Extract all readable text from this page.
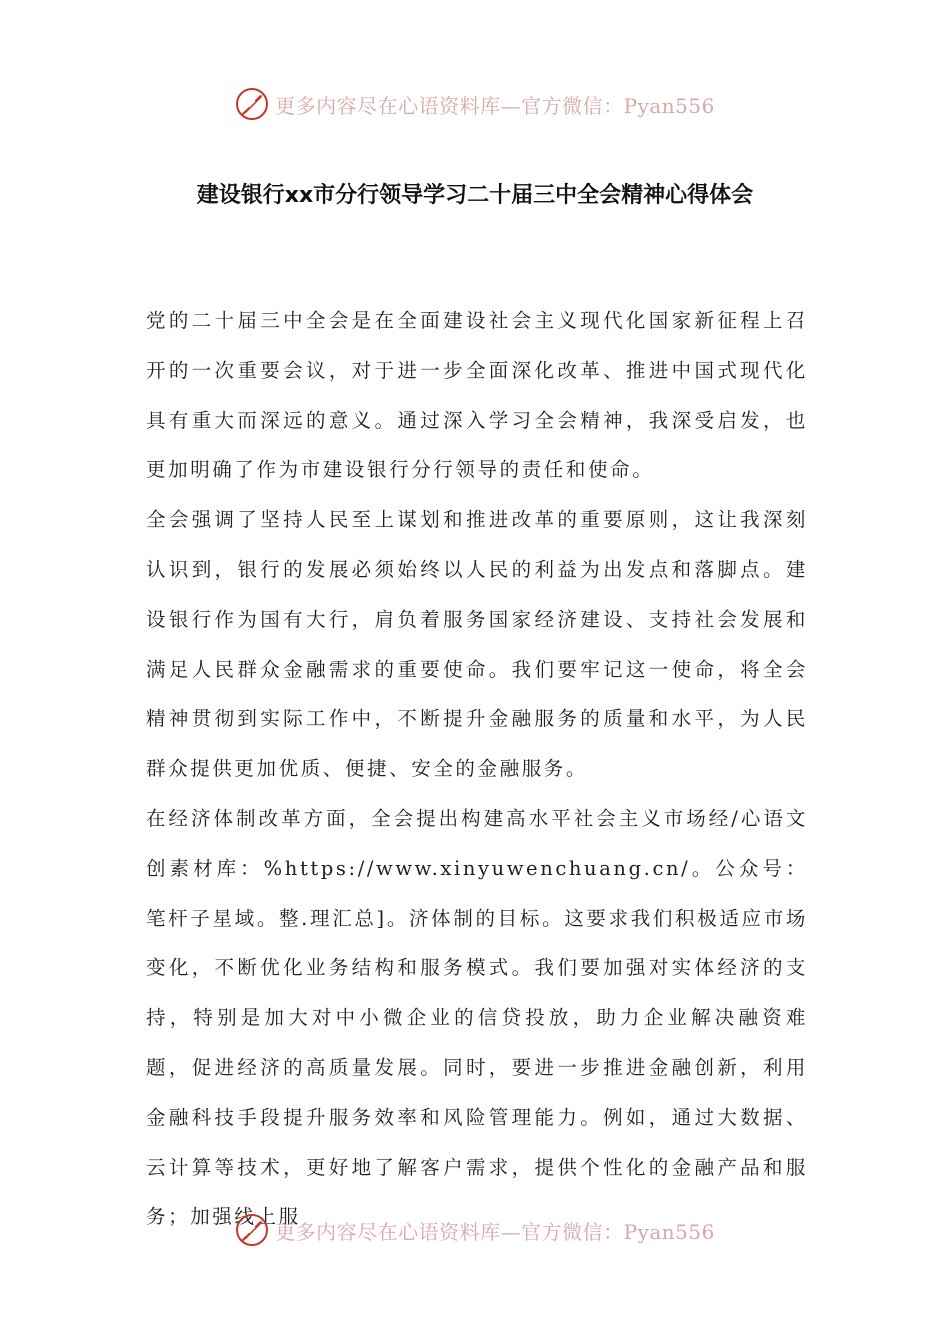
更多内容尽在心语资料库—官方微信：Pyan556
建设银行xx市分行领导学习二十届三中全会精神心得体会

党的二十届三中全会是在全面建设社会主义现代化国家新征程上召开的一次重要会议，对于进一步全面深化改革、推进中国式现代化具有重大而深远的意义。通过深入学习全会精神，我深受启发，也更加明确了作为市建设银行分行领导的责任和使命。

全会强调了坚持人民至上谋划和推进改革的重要原则，这让我深刻认识到，银行的发展必须始终以人民的利益为出发点和落脚点。建设银行作为国有大行，肩负着服务国家经济建设、支持社会发展和满足人民群众金融需求的重要使命。我们要牢记这一使命，将全会精神贯彻到实际工作中，不断提升金融服务的质量和水平，为人民群众提供更加优质、便捷、安全的金融服务。

在经济体制改革方面，全会提出构建高水平社会主义市场经/心语文创素材库：%https://www.xinyuwenchuang.cn/。公众号：笔杆子星域。整.理汇总]。济体制的目标。这要求我们积极适应市场变化，不断优化业务结构和服务模式。我们要加强对实体经济的支持，特别是加大对中小微企业的信贷投放，助力企业解决融资难题，促进经济的高质量发展。同时，要进一步推进金融创新，利用金融科技手段提升服务效率和风险管理能力。例如，通过大数据、云计算等技术，更好地了解客户需求，提供个性化的金融产品和服务；加强线上服

更多内容尽在心语资料库—官方微信：Pyan556
